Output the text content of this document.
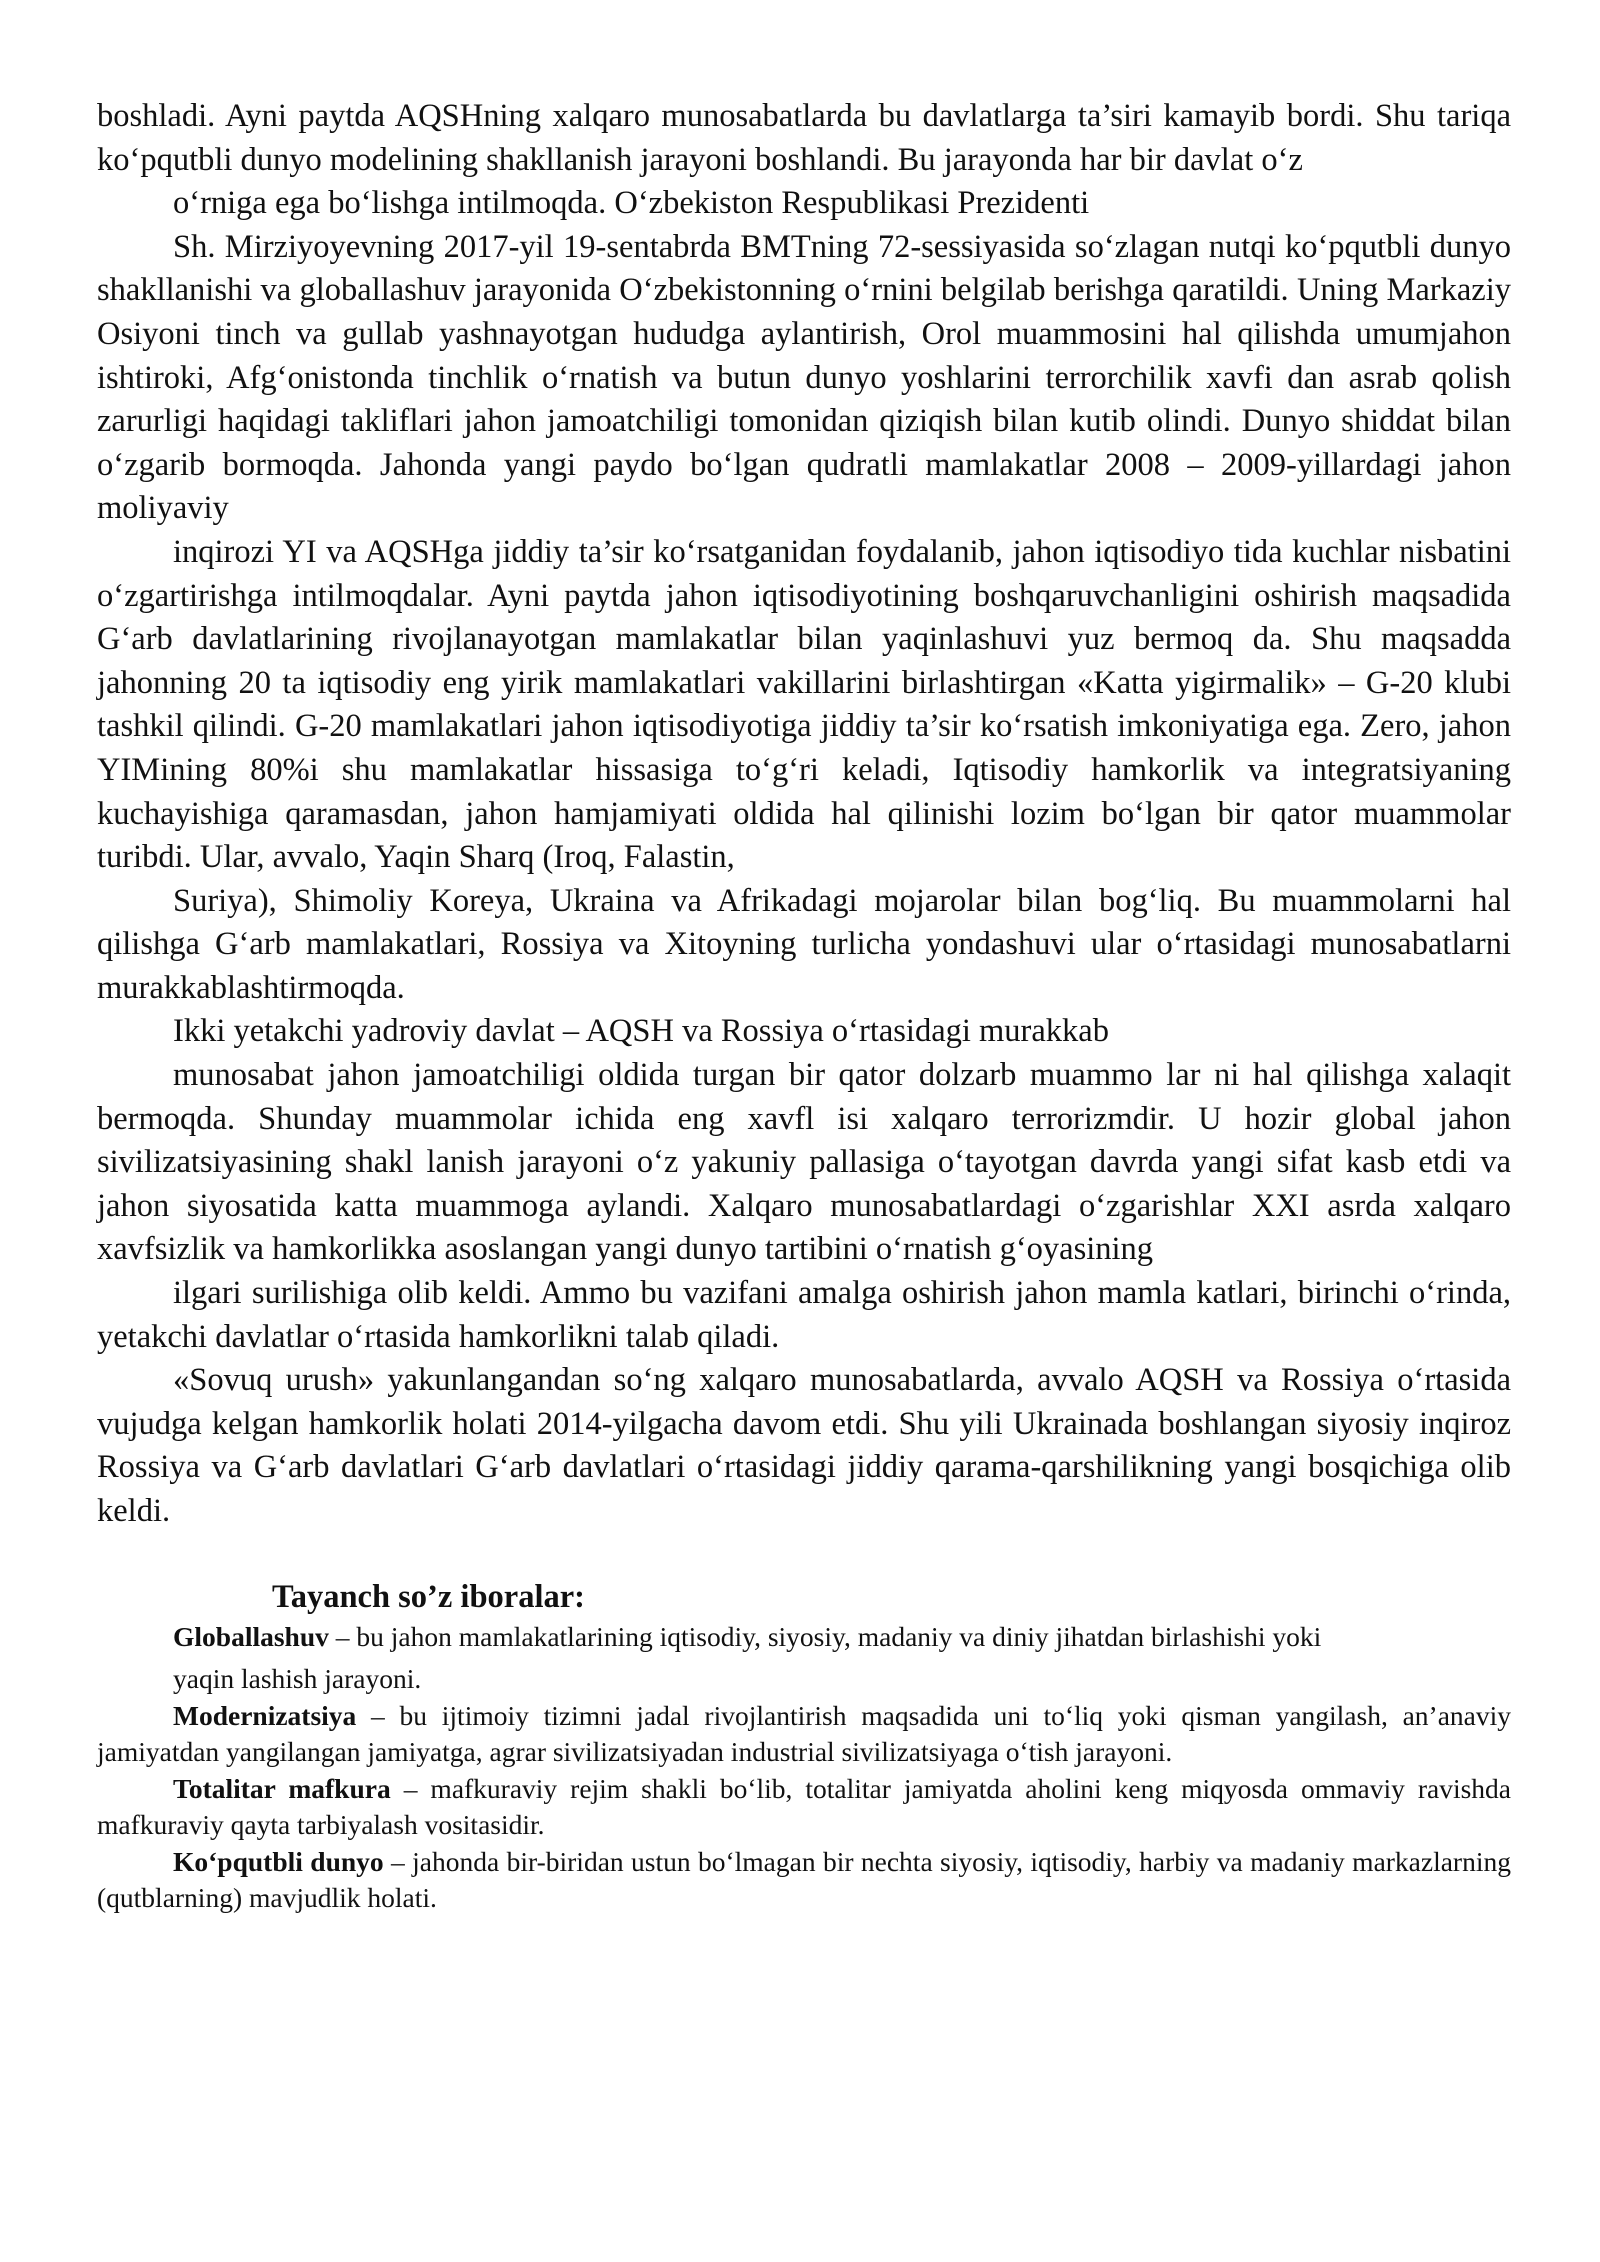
boshladi. Ayni paytda AQSHning xalqaro munosabatlarda bu davlatlarga ta’siri kamayib bordi. Shu tariqa ko‘pqutbli dunyo modelining shakllanish jarayoni boshlandi. Bu jarayonda har bir davlat o‘z

o‘rniga ega bo‘lishga intilmoqda. O‘zbekiston Respublikasi Prezidenti

Sh. Mirziyoyevning 2017-yil 19-sentabrda BMTning 72-sessiyasida so‘zlagan nutqi ko‘pqutbli dunyo shakllanishi va globallashuv jarayonida O‘zbekistonning o‘rnini belgilab berishga qaratildi. Uning Markaziy Osiyoni tinch va gullab yashnayotgan hududga aylantirish, Orol muammosini hal qilishda umumjahon ishtiroki, Afg‘onistonda tinchlik o‘rnatish va butun dunyo yoshlarini terrorchilik xavfi dan asrab qolish zarurligi haqidagi takliflari jahon jamoatchiligi tomonidan qiziqish bilan kutib olindi. Dunyo shiddat bilan o‘zgarib bormoqda. Jahonda yangi paydo bo‘lgan qudratli mamlakatlar 2008 – 2009-yillardagi jahon moliyaviy

inqirozi YI va AQSHga jiddiy ta’sir ko‘rsatganidan foydalanib, jahon iqtisodiyo tida kuchlar nisbatini o‘zgartirishga intilmoqdalar. Ayni paytda jahon iqtisodiyotining boshqaruvchanligini oshirish maqsadida G‘arb davlatlarining rivojlanayotgan mamlakatlar bilan yaqinlashuvi yuz bermoq da. Shu maqsadda jahonning 20 ta iqtisodiy eng yirik mamlakatlari vakillarini birlashtirgan «Katta yigirmalik» – G-20 klubi tashkil qilindi. G-20 mamlakatlari jahon iqtisodiyotiga jiddiy ta’sir ko‘rsatish imkoniyatiga ega. Zero, jahon YIMining 80%i shu mamlakatlar hissasiga to‘g‘ri keladi, Iqtisodiy hamkorlik va integratsiyaning kuchayishiga qaramasdan, jahon hamjamiyati oldida hal qilinishi lozim bo‘lgan bir qator muammolar turibdi. Ular, avvalo, Yaqin Sharq (Iroq, Falastin,

Suriya), Shimoliy Koreya, Ukraina va Afrikadagi mojarolar bilan bog‘liq. Bu muammolarni hal qilishga G‘arb mamlakatlari, Rossiya va Xitoyning turlicha yondashuvi ular o‘rtasidagi munosabatlarni murakkablashtirmoqda.

Ikki yetakchi yadroviy davlat – AQSH va Rossiya o‘rtasidagi murakkab

munosabat jahon jamoatchiligi oldida turgan bir qator dolzarb muammo lar ni hal qilishga xalaqit bermoqda. Shunday muammolar ichida eng xavfl isi xalqaro terrorizmdir. U hozir global jahon sivilizatsiyasining shakl lanish jarayoni o‘z yakuniy pallasiga o‘tayotgan davrda yangi sifat kasb etdi va jahon siyosatida katta muammoga aylandi. Xalqaro munosabatlardagi o‘zgarishlar XXI asrda xalqaro xavfsizlik va hamkorlikka asoslangan yangi dunyo tartibini o‘rnatish g‘oyasining

ilgari surilishiga olib keldi. Ammo bu vazifani amalga oshirish jahon mamla katlari, birinchi o‘rinda, yetakchi davlatlar o‘rtasida hamkorlikni talab qiladi.

«Sovuq urush» yakunlangandan so‘ng xalqaro munosabatlarda, avvalo AQSH va Rossiya o‘rtasida vujudga kelgan hamkorlik holati 2014-yilgacha davom etdi. Shu yili Ukrainada boshlangan siyosiy inqiroz Rossiya va G‘arb davlatlari G‘arb davlatlari o‘rtasidagi jiddiy qarama-qarshilikning yangi bosqichiga olib keldi.

Tayanch so’z iboralar:

Globallashuv – bu jahon mamlakatlarining iqtisodiy, siyosiy, madaniy va diniy jihatdan birlashishi yoki

yaqin lashish jarayoni.

Modernizatsiya – bu ijtimoiy tizimni jadal rivojlantirish maqsadida uni to‘liq yoki qisman yangilash, an’anaviy jamiyatdan yangilangan jamiyatga, agrar sivilizatsiyadan industrial sivilizatsiyaga o‘tish jarayoni.

Totalitar mafkura – mafkuraviy rejim shakli bo‘lib, totalitar jamiyatda aholini keng miqyosda ommaviy ravishda mafkuraviy qayta tarbiyalash vositasidir.

Ko‘pqutbli dunyo – jahonda bir-biridan ustun bo‘lmagan bir nechta siyosiy, iqtisodiy, harbiy va madaniy markazlarning (qutblarning) mavjudlik holati.
